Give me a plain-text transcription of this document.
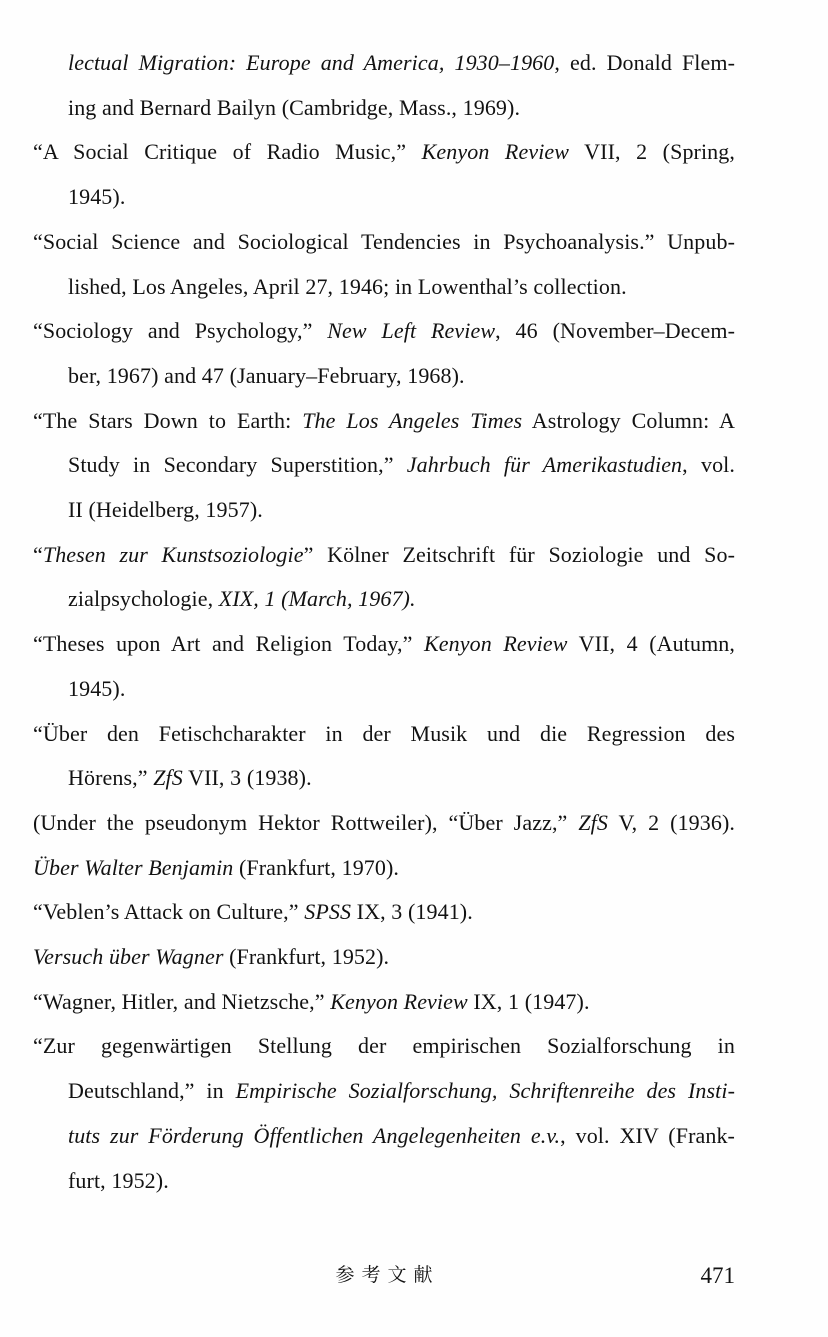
lectual Migration: Europe and America, 1930–1960, ed. Donald Flem-
ing and Bernard Bailyn (Cambridge, Mass., 1969).
“A Social Critique of Radio Music,” Kenyon Review VII, 2 (Spring,
1945).
“Social Science and Sociological Tendencies in Psychoanalysis.” Unpub-
lished, Los Angeles, April 27, 1946; in Lowenthal’s collection.
“Sociology and Psychology,” New Left Review, 46 (November–Decem-
ber, 1967) and 47 (January–February, 1968).
“The Stars Down to Earth: The Los Angeles Times Astrology Column: A
Study in Secondary Superstition,” Jahrbuch für Amerikastudien, vol.
II (Heidelberg, 1957).
“Thesen zur Kunstsoziologie” Kölner Zeitschrift für Soziologie und So-
zialpsychologie, XIX, 1 (March, 1967).
“Theses upon Art and Religion Today,” Kenyon Review VII, 4 (Autumn,
1945).
“Über den Fetischcharakter in der Musik und die Regression des
Hörens,” ZfS VII, 3 (1938).
(Under the pseudonym Hektor Rottweiler), “Über Jazz,” ZfS V, 2 (1936).
Über Walter Benjamin (Frankfurt, 1970).
“Veblen’s Attack on Culture,” SPSS IX, 3 (1941).
Versuch über Wagner (Frankfurt, 1952).
“Wagner, Hitler, and Nietzsche,” Kenyon Review IX, 1 (1947).
“Zur gegenwärtigen Stellung der empirischen Sozialforschung in
Deutschland,” in Empirische Sozialforschung, Schriftenreihe des Insti-
tuts zur Förderung Öffentlichen Angelegenheiten e.v., vol. XIV (Frank-
furt, 1952).
参考文献	471
